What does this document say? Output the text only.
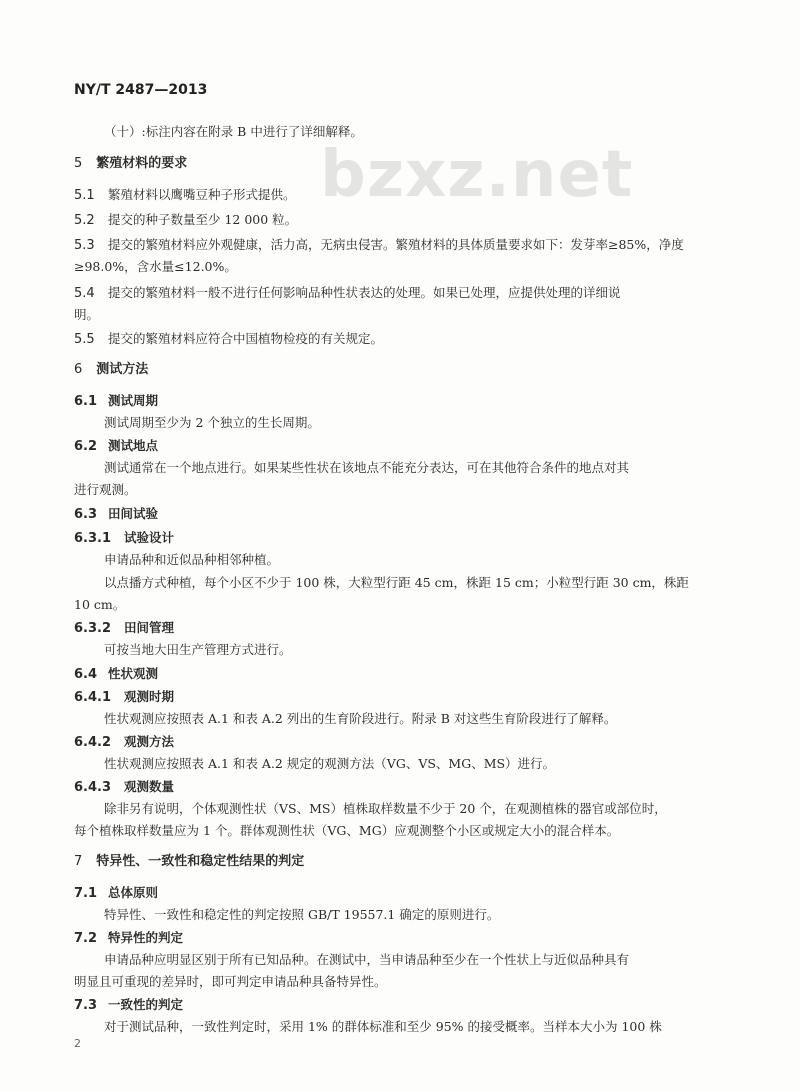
NY/T 2487—2013
bzxz.net
（十）:标注内容在附录 B 中进行了详细解释。
5 繁殖材料的要求
5.1 繁殖材料以鹰嘴豆种子形式提供。
5.2 提交的种子数量至少 12 000 粒。
5.3 提交的繁殖材料应外观健康，活力高，无病虫侵害。繁殖材料的具体质量要求如下：发芽率≥85%，净度
≥98.0%，含水量≤12.0%。
5.4 提交的繁殖材料一般不进行任何影响品种性状表达的处理。如果已处理，应提供处理的详细说
明。
5.5 提交的繁殖材料应符合中国植物检疫的有关规定。
6 测试方法
6.1 测试周期
测试周期至少为 2 个独立的生长周期。
6.2 测试地点
测试通常在一个地点进行。如果某些性状在该地点不能充分表达，可在其他符合条件的地点对其
进行观测。
6.3 田间试验
6.3.1 试验设计
申请品种和近似品种相邻种植。
以点播方式种植，每个小区不少于 100 株，大粒型行距 45 cm，株距 15 cm；小粒型行距 30 cm，株距
10 cm。
6.3.2 田间管理
可按当地大田生产管理方式进行。
6.4 性状观测
6.4.1 观测时期
性状观测应按照表 A.1 和表 A.2 列出的生育阶段进行。附录 B 对这些生育阶段进行了解释。
6.4.2 观测方法
性状观测应按照表 A.1 和表 A.2 规定的观测方法（VG、VS、MG、MS）进行。
6.4.3 观测数量
除非另有说明，个体观测性状（VS、MS）植株取样数量不少于 20 个，在观测植株的器官或部位时，
每个植株取样数量应为 1 个。群体观测性状（VG、MG）应观测整个小区或规定大小的混合样本。
7 特异性、一致性和稳定性结果的判定
7.1 总体原则
特异性、一致性和稳定性的判定按照 GB/T 19557.1 确定的原则进行。
7.2 特异性的判定
申请品种应明显区别于所有已知品种。在测试中，当申请品种至少在一个性状上与近似品种具有
明显且可重现的差异时，即可判定申请品种具备特异性。
7.3 一致性的判定
对于测试品种，一致性判定时，采用 1% 的群体标准和至少 95% 的接受概率。当样本大小为 100 株
2
